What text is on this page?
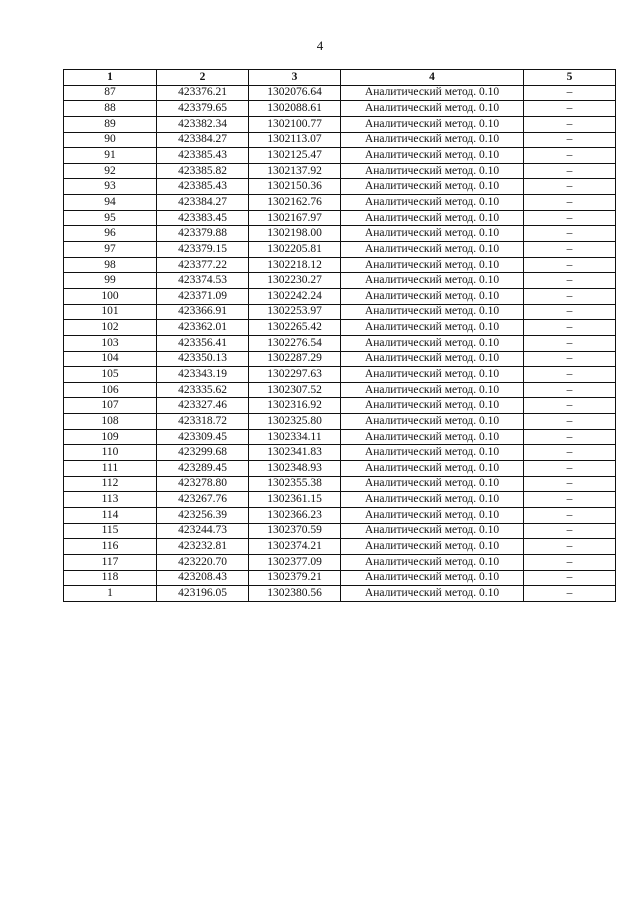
4
1	2	3	4	5
87	423376.21	1302076.64	Аналитический метод. 0.10	–
88	423379.65	1302088.61	Аналитический метод. 0.10	–
89	423382.34	1302100.77	Аналитический метод. 0.10	–
90	423384.27	1302113.07	Аналитический метод. 0.10	–
91	423385.43	1302125.47	Аналитический метод. 0.10	–
92	423385.82	1302137.92	Аналитический метод. 0.10	–
93	423385.43	1302150.36	Аналитический метод. 0.10	–
94	423384.27	1302162.76	Аналитический метод. 0.10	–
95	423383.45	1302167.97	Аналитический метод. 0.10	–
96	423379.88	1302198.00	Аналитический метод. 0.10	–
97	423379.15	1302205.81	Аналитический метод. 0.10	–
98	423377.22	1302218.12	Аналитический метод. 0.10	–
99	423374.53	1302230.27	Аналитический метод. 0.10	–
100	423371.09	1302242.24	Аналитический метод. 0.10	–
101	423366.91	1302253.97	Аналитический метод. 0.10	–
102	423362.01	1302265.42	Аналитический метод. 0.10	–
103	423356.41	1302276.54	Аналитический метод. 0.10	–
104	423350.13	1302287.29	Аналитический метод. 0.10	–
105	423343.19	1302297.63	Аналитический метод. 0.10	–
106	423335.62	1302307.52	Аналитический метод. 0.10	–
107	423327.46	1302316.92	Аналитический метод. 0.10	–
108	423318.72	1302325.80	Аналитический метод. 0.10	–
109	423309.45	1302334.11	Аналитический метод. 0.10	–
110	423299.68	1302341.83	Аналитический метод. 0.10	–
111	423289.45	1302348.93	Аналитический метод. 0.10	–
112	423278.80	1302355.38	Аналитический метод. 0.10	–
113	423267.76	1302361.15	Аналитический метод. 0.10	–
114	423256.39	1302366.23	Аналитический метод. 0.10	–
115	423244.73	1302370.59	Аналитический метод. 0.10	–
116	423232.81	1302374.21	Аналитический метод. 0.10	–
117	423220.70	1302377.09	Аналитический метод. 0.10	–
118	423208.43	1302379.21	Аналитический метод. 0.10	–
1	423196.05	1302380.56	Аналитический метод. 0.10	–
